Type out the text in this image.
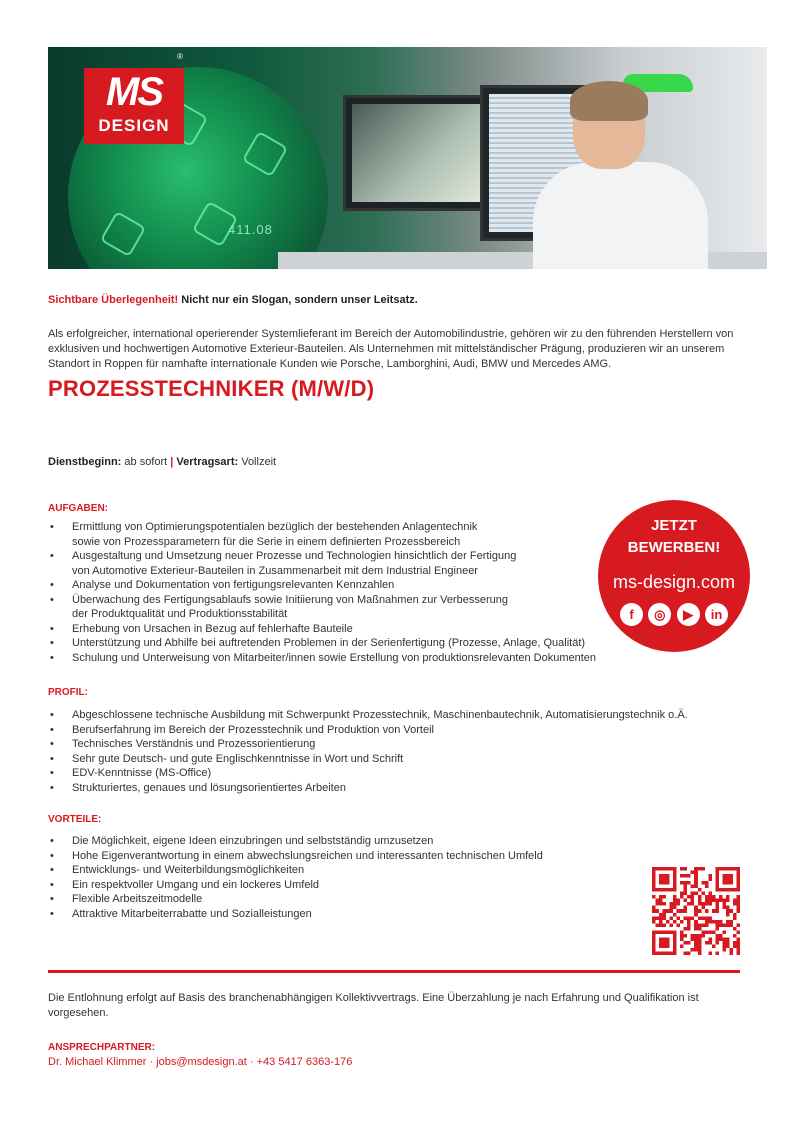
411.08
MS
DESIGN
®
Sichtbare Überlegenheit! Nicht nur ein Slogan, sondern unser Leitsatz.
Als erfolgreicher, international operierender Systemlieferant im Bereich der Automobilindustrie, gehören wir zu den führenden Herstellern von exklusiven und hochwertigen Automotive Exterieur-Bauteilen. Als Unternehmen mit mittelständischer Prägung, produzieren wir an unserem Standort in Roppen für namhafte internationale Kunden wie Porsche, Lamborghini, Audi, BMW und Mercedes AMG.
PROZESSTECHNIKER (M/W/D)
Dienstbeginn: ab sofort | Vertragsart: Vollzeit
AUFGABEN:
• Ermittlung von Optimierungspotentialen bezüglich der bestehenden Anlagentechnik
sowie von Prozessparametern für die Serie in einem definierten Prozessbereich
• Ausgestaltung und Umsetzung neuer Prozesse und Technologien hinsichtlich der Fertigung
von Automotive Exterieur-Bauteilen in Zusammenarbeit mit dem Industrial Engineer
• Analyse und Dokumentation von fertigungsrelevanten Kennzahlen
• Überwachung des Fertigungsablaufs sowie Initiierung von Maßnahmen zur Verbesserung
der Produktqualität und Produktionsstabilität
• Erhebung von Ursachen in Bezug auf fehlerhafte Bauteile
• Unterstützung und Abhilfe bei auftretenden Problemen in der Serienfertigung (Prozesse, Anlage, Qualität)
• Schulung und Unterweisung von Mitarbeiter/innen sowie Erstellung von produktionsrelevanten Dokumenten
PROFIL:
• Abgeschlossene technische Ausbildung mit Schwerpunkt Prozesstechnik, Maschinenbautechnik, Automatisierungstechnik o.Ä.
• Berufserfahrung im Bereich der Prozesstechnik und Produktion von Vorteil
• Technisches Verständnis und Prozessorientierung
• Sehr gute Deutsch- und gute Englischkenntnisse in Wort und Schrift
• EDV-Kenntnisse (MS-Office)
• Strukturiertes, genaues und lösungsorientiertes Arbeiten
VORTEILE:
• Die Möglichkeit, eigene Ideen einzubringen und selbstständig umzusetzen
• Hohe Eigenverantwortung in einem abwechslungsreichen und interessanten technischen Umfeld
• Entwicklungs- und Weiterbildungsmöglichkeiten
• Ein respektvoller Umgang und ein lockeres Umfeld
• Flexible Arbeitszeitmodelle
• Attraktive Mitarbeiterrabatte und Sozialleistungen
JETZT
BEWERBEN!
ms-design.com
f	◎	▶	in
Die Entlohnung erfolgt auf Basis des branchenabhängigen Kollektivvertrags. Eine Überzahlung je nach Erfahrung und Qualifikation ist vorgesehen.
ANSPRECHPARTNER:
Dr. Michael Klimmer · jobs@msdesign.at · +43 5417 6363-176
